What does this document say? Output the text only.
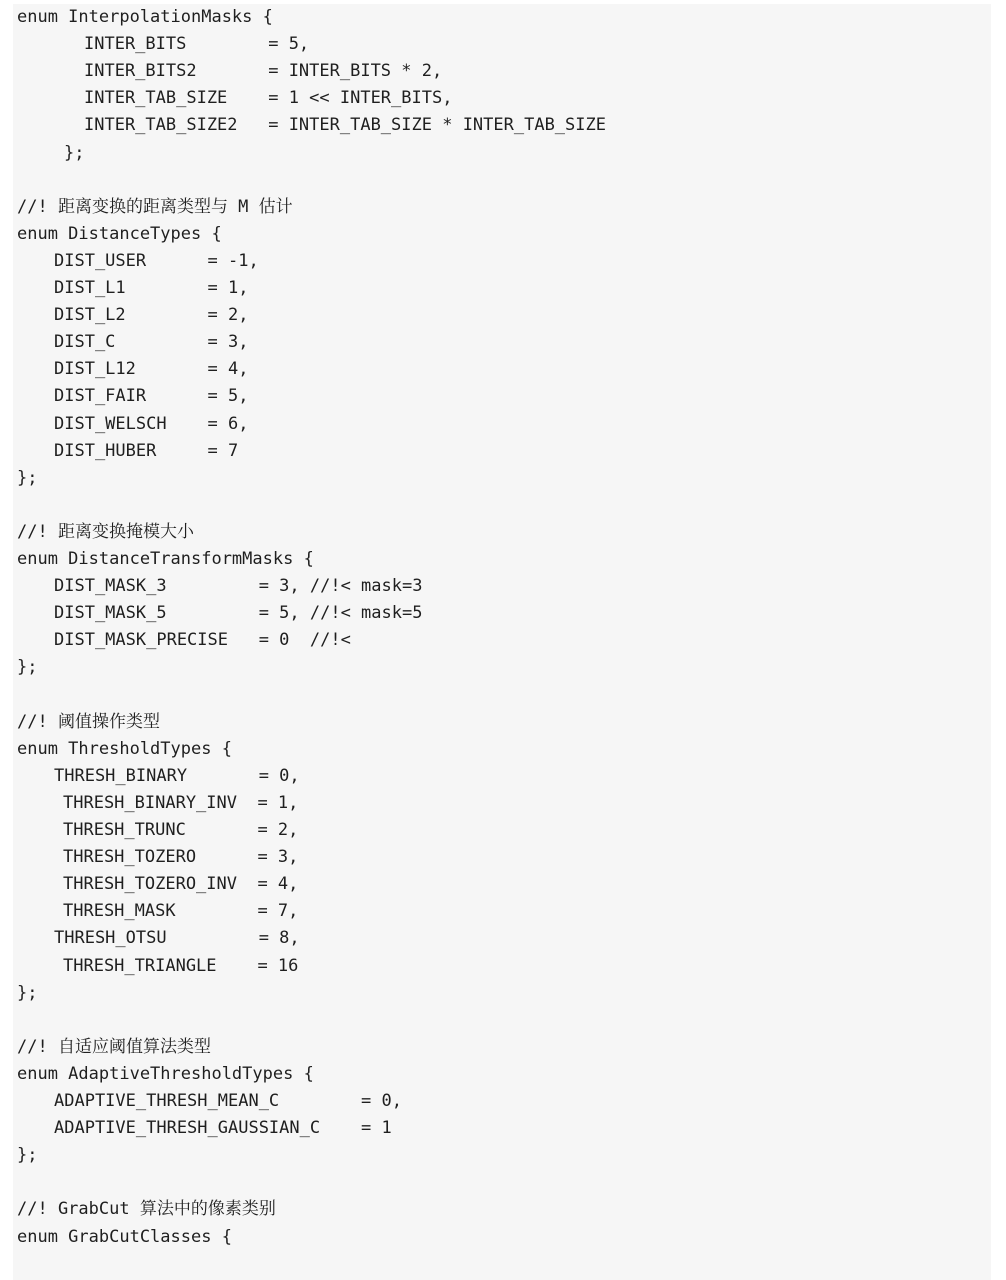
enum InterpolationMasks {
INTER_BITS        = 5,
INTER_BITS2       = INTER_BITS * 2,
INTER_TAB_SIZE    = 1 << INTER_BITS,
INTER_TAB_SIZE2   = INTER_TAB_SIZE * INTER_TAB_SIZE
};
//! 距离变换的距离类型与 M 估计
enum DistanceTypes {
DIST_USER      = -1,
DIST_L1        = 1,
DIST_L2        = 2,
DIST_C         = 3,
DIST_L12       = 4,
DIST_FAIR      = 5,
DIST_WELSCH    = 6,
DIST_HUBER     = 7
};
//! 距离变换掩模大小
enum DistanceTransformMasks {
DIST_MASK_3         = 3, //!< mask=3
DIST_MASK_5         = 5, //!< mask=5
DIST_MASK_PRECISE   = 0  //!<
};
//! 阈值操作类型
enum ThresholdTypes {
THRESH_BINARY       = 0,
THRESH_BINARY_INV  = 1,
THRESH_TRUNC       = 2,
THRESH_TOZERO      = 3,
THRESH_TOZERO_INV  = 4,
THRESH_MASK        = 7,
THRESH_OTSU         = 8,
THRESH_TRIANGLE    = 16
};
//! 自适应阈值算法类型
enum AdaptiveThresholdTypes {
ADAPTIVE_THRESH_MEAN_C        = 0,
ADAPTIVE_THRESH_GAUSSIAN_C    = 1
};
//! GrabCut 算法中的像素类别
enum GrabCutClasses {
